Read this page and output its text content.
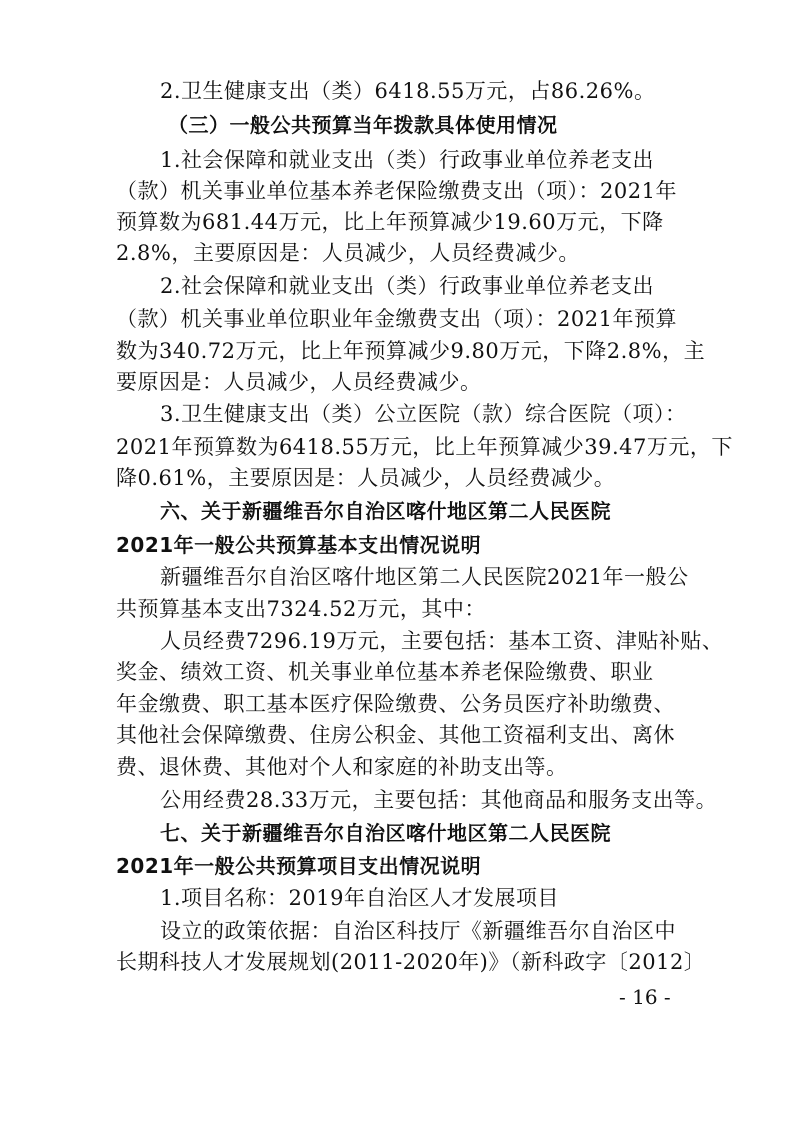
2.卫生健康支出（类）6418.55万元，占86.26%。
（三）一般公共预算当年拨款具体使用情况
1.社会保障和就业支出（类）行政事业单位养老支出
（款）机关事业单位基本养老保险缴费支出（项）：2021年
预算数为681.44万元，比上年预算减少19.60万元，下降
2.8%，主要原因是：人员减少，人员经费减少。
2.社会保障和就业支出（类）行政事业单位养老支出
（款）机关事业单位职业年金缴费支出（项）：2021年预算
数为340.72万元，比上年预算减少9.80万元，下降2.8%，主
要原因是：人员减少，人员经费减少。
3.卫生健康支出（类）公立医院（款）综合医院（项）：
2021年预算数为6418.55万元，比上年预算减少39.47万元，下
降0.61%，主要原因是：人员减少，人员经费减少。
六、关于新疆维吾尔自治区喀什地区第二人民医院
2021年一般公共预算基本支出情况说明
新疆维吾尔自治区喀什地区第二人民医院2021年一般公
共预算基本支出7324.52万元，其中：
人员经费7296.19万元，主要包括：基本工资、津贴补贴、
奖金、绩效工资、机关事业单位基本养老保险缴费、职业
年金缴费、职工基本医疗保险缴费、公务员医疗补助缴费、
其他社会保障缴费、住房公积金、其他工资福利支出、离休
费、退休费、其他对个人和家庭的补助支出等。
公用经费28.33万元，主要包括：其他商品和服务支出等。
七、关于新疆维吾尔自治区喀什地区第二人民医院
2021年一般公共预算项目支出情况说明
1.项目名称：2019年自治区人才发展项目
设立的政策依据：自治区科技厅《新疆维吾尔自治区中
长期科技人才发展规划(2011-2020年)》（新科政字〔2012〕
- 16 -
